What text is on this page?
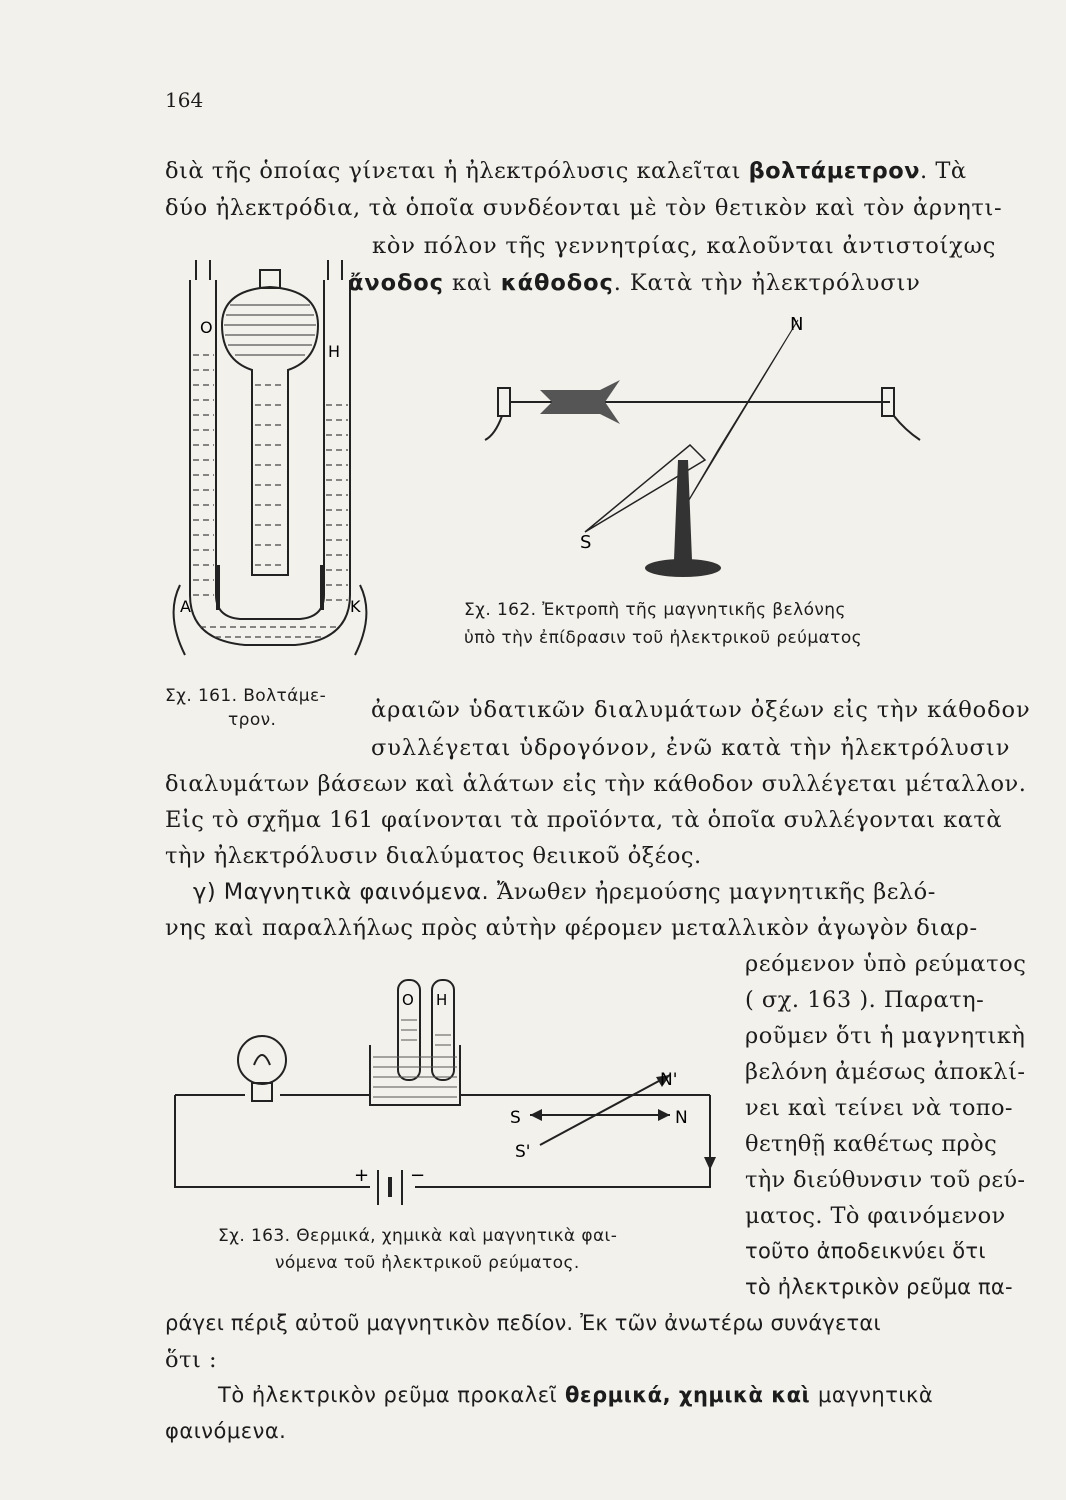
164
διὰ τῆς ὁποίας γίνεται ἡ ἠλεκτρόλυσις καλεῖται βολτάμετρον. Τὰ
δύο ἠλεκτρόδια, τὰ ὁποῖα συνδέονται μὲ τὸν θετικὸν καὶ τὸν ἀρνητι-
κὸν πόλον τῆς γεννητρίας, καλοῦνται ἀντιστοίχως
ἄνοδος καὶ κάθοδος. Κατὰ τὴν ἠλεκτρόλυσιν
O
H
A	K
N
S
Σχ. 162. Ἐκτροπὴ τῆς μαγνητικῆς βελόνης
ὑπὸ τὴν ἐπίδρασιν τοῦ ἠλεκτρικοῦ ρεύματος
Σχ. 161. Βολτάμε-
τρον.	ἀραιῶν ὑδατικῶν διαλυμάτων ὀξέων εἰς τὴν κάθοδον
συλλέγεται ὑδρογόνον, ἐνῶ κατὰ τὴν ἠλεκτρόλυσιν
διαλυμάτων βάσεων καὶ ἁλάτων εἰς τὴν κάθοδον συλλέγεται μέταλλον.
Εἰς τὸ σχῆμα 161 φαίνονται τὰ προϊόντα, τὰ ὁποῖα συλλέγονται κατὰ
τὴν ἠλεκτρόλυσιν διαλύματος θειικοῦ ὀξέος.
γ) Μαγνητικὰ φαινόμενα. Ἄνωθεν ἠρεμούσης μαγνητικῆς βελό-
νης καὶ παραλλήλως πρὸς αὐτὴν φέρομεν μεταλλικὸν ἀγωγὸν διαρ-
ρεόμενον ὑπὸ ρεύματος
( σχ. 163 ). Παρατη-
ροῦμεν ὅτι ἡ μαγνητικὴ
βελόνη ἀμέσως ἀποκλί-
νει καὶ τείνει νὰ τοπο-
θετηθῇ καθέτως πρὸς
τὴν διεύθυνσιν τοῦ ρεύ-
ματος. Τὸ φαινόμενον
τοῦτο ἀποδεικνύει ὅτι
τὸ ἠλεκτρικὸν ρεῦμα πα-
O H
S	N
N'
S'
+ −
Σχ. 163. Θερμικά, χημικὰ καὶ μαγνητικὰ φαι-
νόμενα τοῦ ἠλεκτρικοῦ ρεύματος.
ράγει πέριξ αὐτοῦ μαγνητικὸν πεδίον. Ἐκ τῶν ἀνωτέρω συνάγεται
ὅτι :
Τὸ ἠλεκτρικὸν ρεῦμα προκαλεῖ θερμικά, χημικὰ καὶ μαγνητικὰ
φαινόμενα.
